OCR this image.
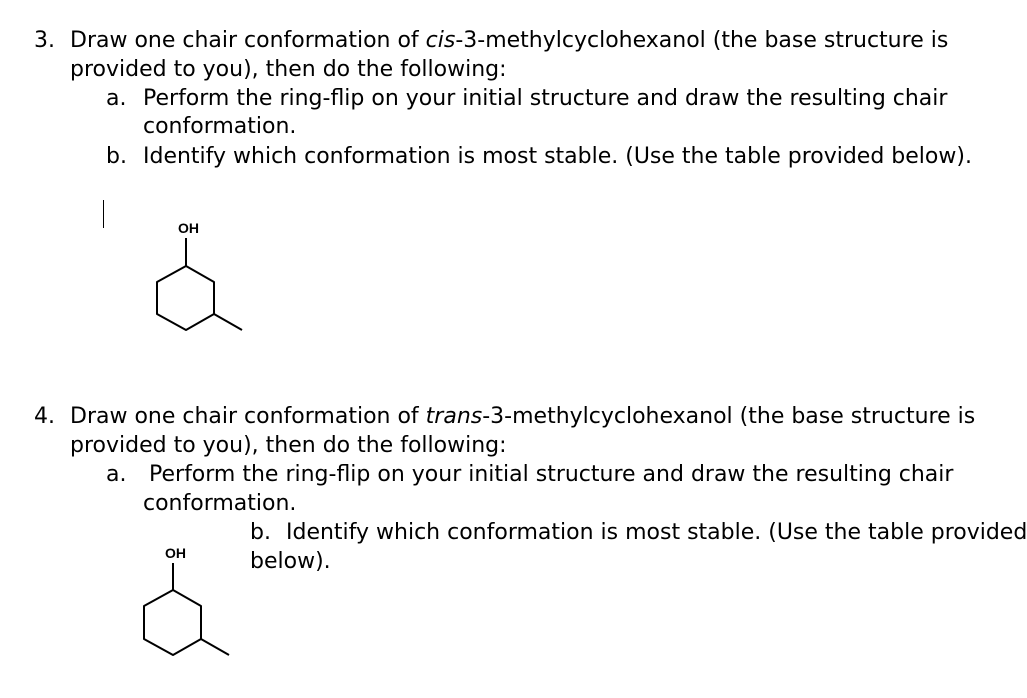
3. Draw one chair conformation of cis-3-methylcyclohexanol (the base structure is
provided to you), then do the following:
a. Perform the ring-flip on your initial structure and draw the resulting chair
conformation.
b. Identify which conformation is most stable. (Use the table provided below).
OH
4. Draw one chair conformation of trans-3-methylcyclohexanol (the base structure is
provided to you), then do the following:
a. Perform the ring-flip on your initial structure and draw the resulting chair
conformation.
b. Identify which conformation is most stable. (Use the table provided
below).
OH
